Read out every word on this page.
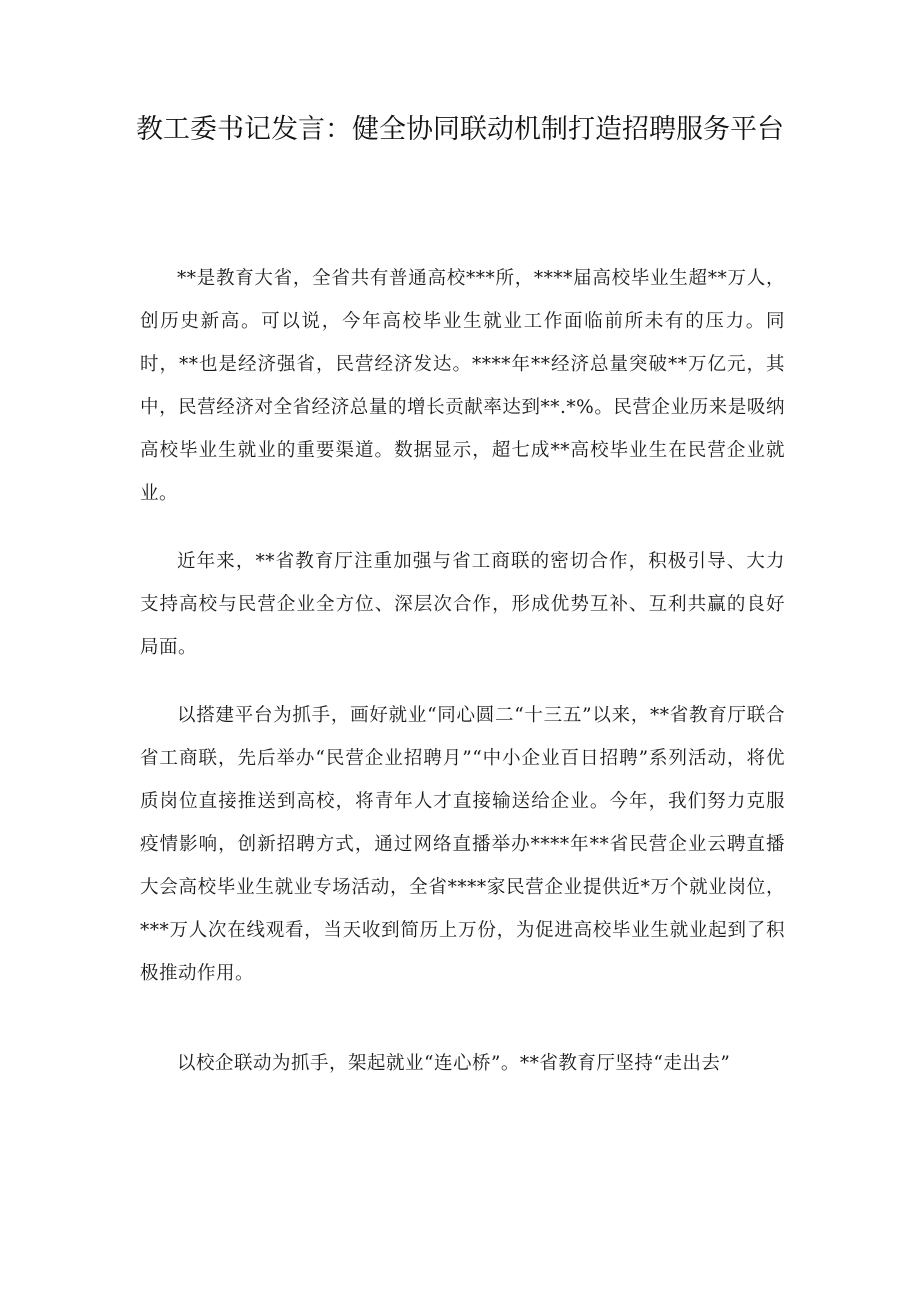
教工委书记发言：健全协同联动机制打造招聘服务平台

**是教育大省，全省共有普通高校***所，****届高校毕业生超**万人，创历史新高。可以说，今年高校毕业生就业工作面临前所未有的压力。同时，**也是经济强省，民营经济发达。****年**经济总量突破**万亿元，其中，民营经济对全省经济总量的增长贡献率达到**.*%。民营企业历来是吸纳高校毕业生就业的重要渠道。数据显示，超七成**高校毕业生在民营企业就业。

近年来，**省教育厅注重加强与省工商联的密切合作，积极引导、大力支持高校与民营企业全方位、深层次合作，形成优势互补、互利共赢的良好局面。

以搭建平台为抓手，画好就业“同心圆二“十三五”以来，**省教育厅联合省工商联，先后举办“民营企业招聘月”“中小企业百日招聘”系列活动，将优质岗位直接推送到高校，将青年人才直接输送给企业。今年，我们努力克服疫情影响，创新招聘方式，通过网络直播举办****年**省民营企业云聘直播大会高校毕业生就业专场活动，全省****家民营企业提供近*万个就业岗位，***万人次在线观看，当天收到简历上万份，为促进高校毕业生就业起到了积极推动作用。

以校企联动为抓手，架起就业“连心桥”。**省教育厅坚持“走出去”
